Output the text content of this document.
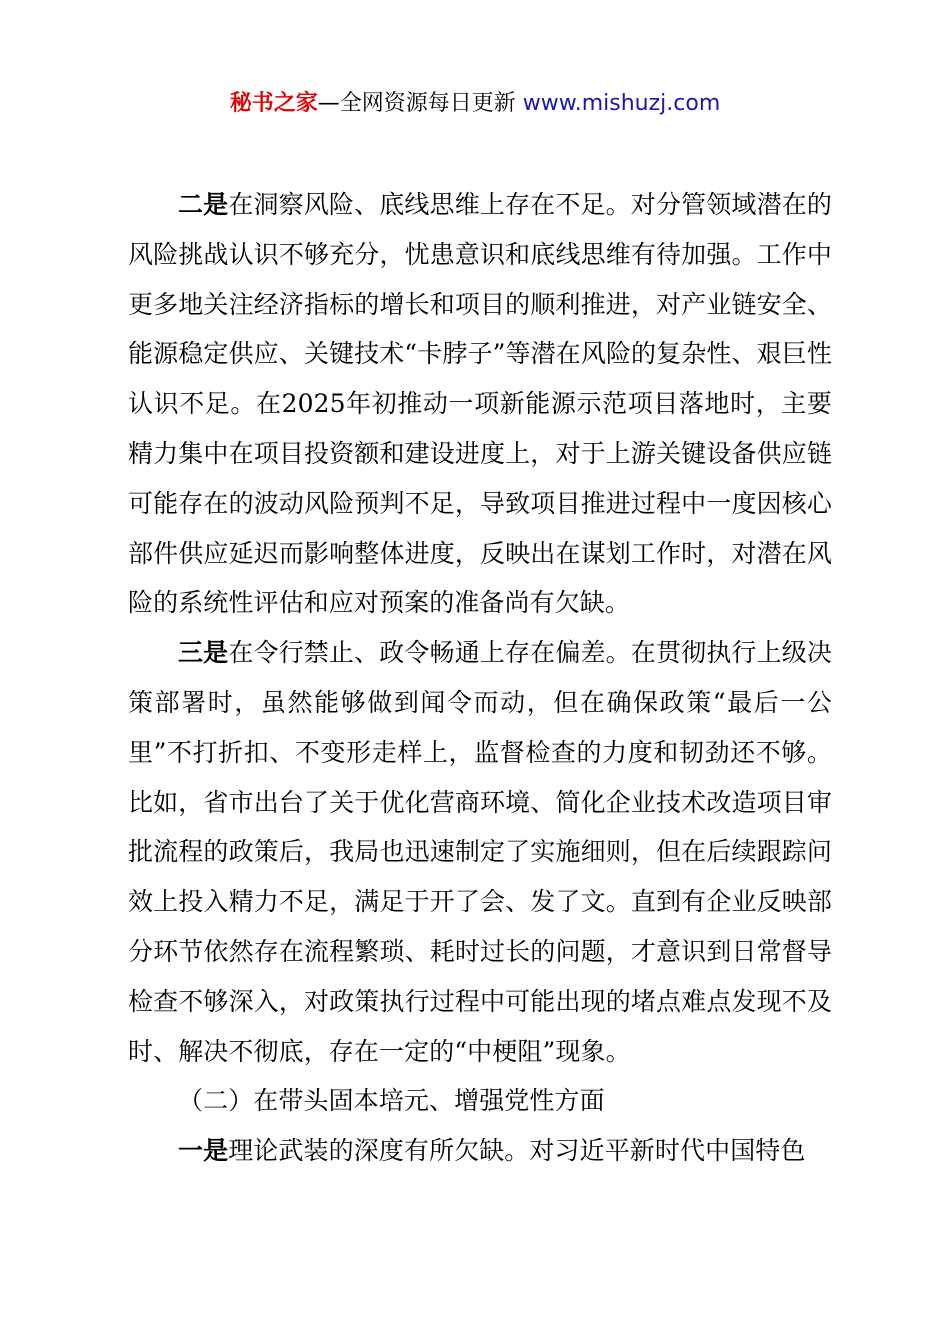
秘书之家—全网资源每日更新 www.mishuzj.com

二是在洞察风险、底线思维上存在不足。对分管领域潜在的风险挑战认识不够充分，忧患意识和底线思维有待加强。工作中更多地关注经济指标的增长和项目的顺利推进，对产业链安全、能源稳定供应、关键技术“卡脖子”等潜在风险的复杂性、艰巨性认识不足。在2025年初推动一项新能源示范项目落地时，主要精力集中在项目投资额和建设进度上，对于上游关键设备供应链可能存在的波动风险预判不足，导致项目推进过程中一度因核心部件供应延迟而影响整体进度，反映出在谋划工作时，对潜在风险的系统性评估和应对预案的准备尚有欠缺。

三是在令行禁止、政令畅通上存在偏差。在贯彻执行上级决策部署时，虽然能够做到闻令而动，但在确保政策“最后一公里”不打折扣、不变形走样上，监督检查的力度和韧劲还不够。比如，省市出台了关于优化营商环境、简化企业技术改造项目审批流程的政策后，我局也迅速制定了实施细则，但在后续跟踪问效上投入精力不足，满足于开了会、发了文。直到有企业反映部分环节依然存在流程繁琐、耗时过长的问题，才意识到日常督导检查不够深入，对政策执行过程中可能出现的堵点难点发现不及时、解决不彻底，存在一定的“中梗阻”现象。

（二）在带头固本培元、增强党性方面

一是理论武装的深度有所欠缺。对习近平新时代中国特色
